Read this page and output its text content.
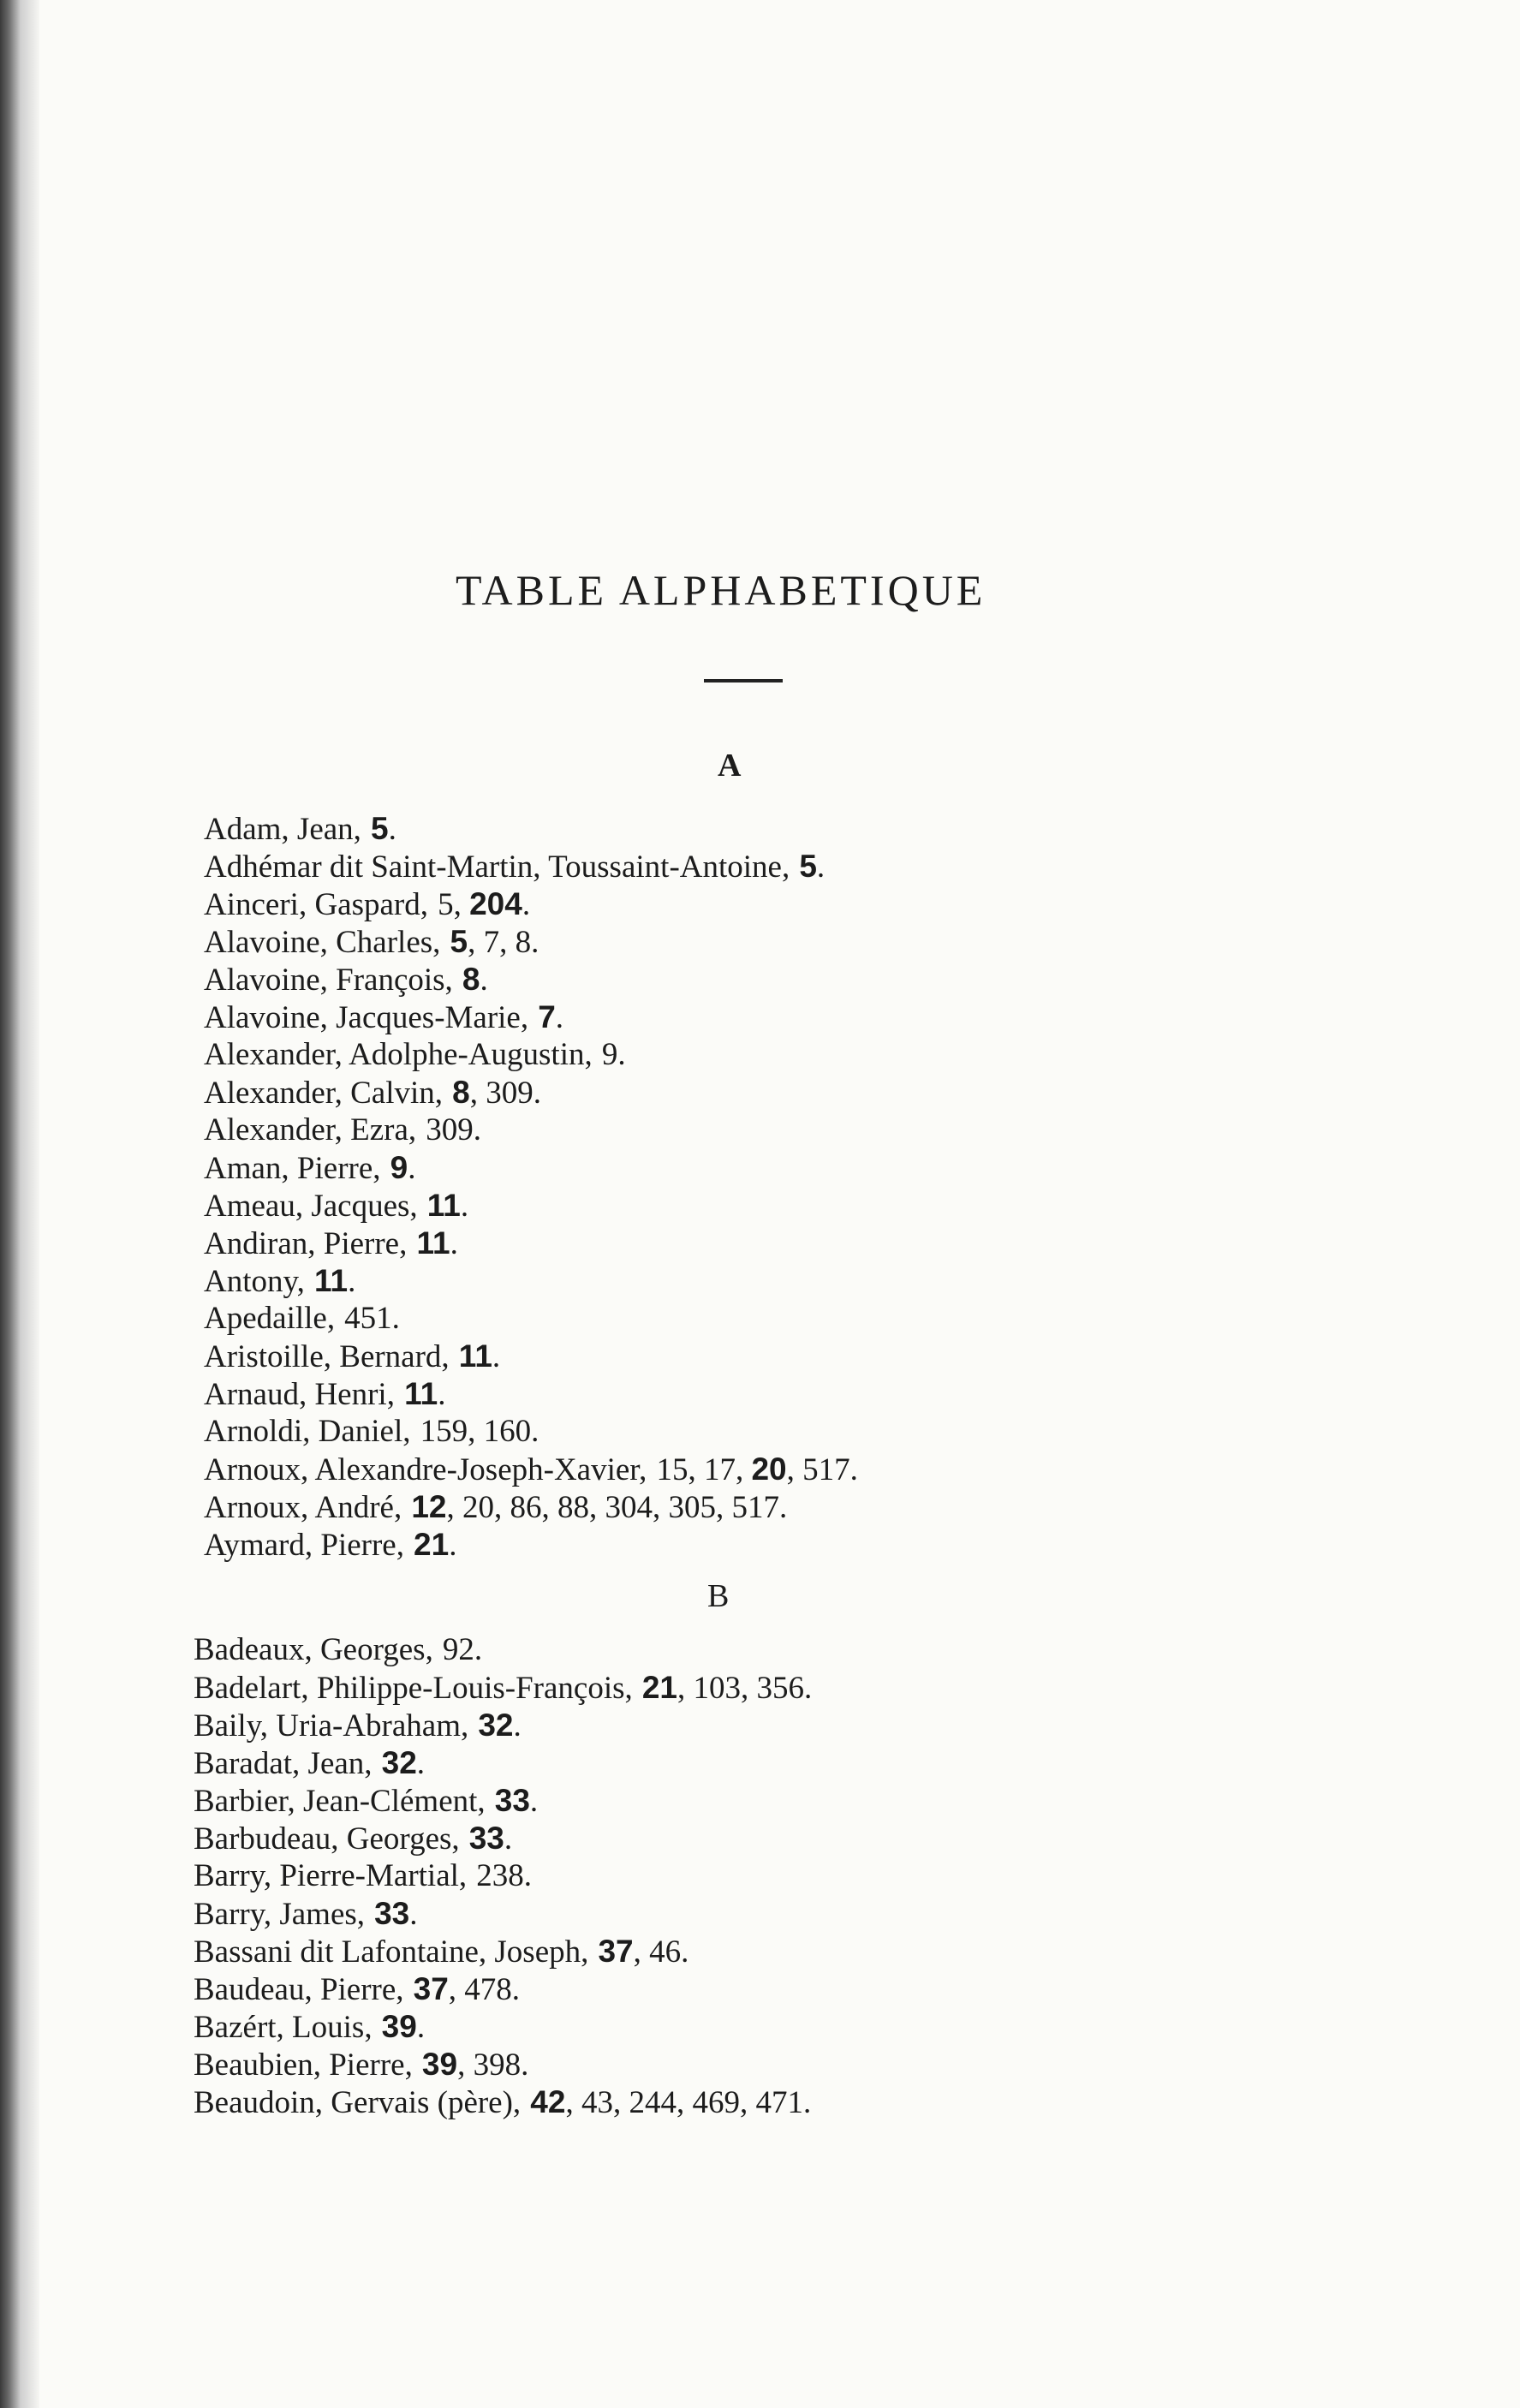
TABLE ALPHABETIQUE
A
Adam, Jean, 5.
Adhémar dit Saint-Martin, Toussaint-Antoine, 5.
Ainceri, Gaspard, 5, 204.
Alavoine, Charles, 5, 7, 8.
Alavoine, François, 8.
Alavoine, Jacques-Marie, 7.
Alexander, Adolphe-Augustin, 9.
Alexander, Calvin, 8, 309.
Alexander, Ezra, 309.
Aman, Pierre, 9.
Ameau, Jacques, 11.
Andiran, Pierre, 11.
Antony, 11.
Apedaille, 451.
Aristoille, Bernard, 11.
Arnaud, Henri, 11.
Arnoldi, Daniel, 159, 160.
Arnoux, Alexandre-Joseph-Xavier, 15, 17, 20, 517.
Arnoux, André, 12, 20, 86, 88, 304, 305, 517.
Aymard, Pierre, 21.
B
Badeaux, Georges, 92.
Badelart, Philippe-Louis-François, 21, 103, 356.
Baily, Uria-Abraham, 32.
Baradat, Jean, 32.
Barbier, Jean-Clément, 33.
Barbudeau, Georges, 33.
Barry, Pierre-Martial, 238.
Barry, James, 33.
Bassani dit Lafontaine, Joseph, 37, 46.
Baudeau, Pierre, 37, 478.
Bazért, Louis, 39.
Beaubien, Pierre, 39, 398.
Beaudoin, Gervais (père), 42, 43, 244, 469, 471.
